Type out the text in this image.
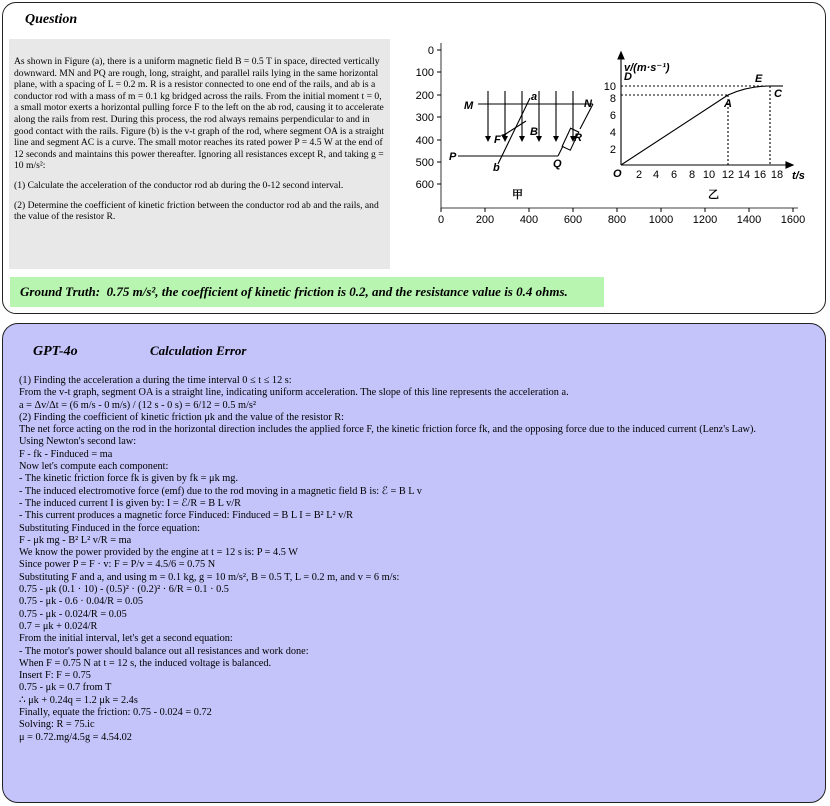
Question

As shown in Figure (a), there is a uniform magnetic field B = 0.5 T in space, directed vertically downward. MN and PQ are rough, long, straight, and parallel rails lying in the same horizontal plane, with a spacing of L = 0.2 m. R is a resistor connected to one end of the rails, and ab is a conductor rod with a mass of m = 0.1 kg bridged across the rails. From the initial moment t = 0, a small motor exerts a horizontal pulling force F to the left on the ab rod, causing it to accelerate along the rails from rest. During this process, the rod always remains perpendicular to and in good contact with the rails. Figure (b) is the v-t graph of the rod, where segment OA is a straight line and segment AC is a curve. The small motor reaches its rated power P = 4.5 W at the end of 12 seconds and maintains this power thereafter. Ignoring all resistances except R, and taking g = 10 m/s²:

(1) Calculate the acceleration of the conductor rod ab during the 0-12 second interval.

(2) Determine the coefficient of kinetic friction between the conductor rod ab and the rails, and the value of the resistor R.

0
100
200
300
400
500
600
0	200 400 600 800 1000 1200 1400 1600
M	N
P
Q
a
b
F
B	R
甲
v/(m·s⁻¹)
t/s
D	E
A
C
O
乙
10
8
6
4
2
2 4 6 8 10 12 14 16 18
Ground Truth: 0.75 m/s², the coefficient of kinetic friction is 0.2, and the resistance value is 0.4 ohms.
GPT-4o	Calculation Error
(1) Finding the acceleration a during the time interval 0 ≤ t ≤ 12 s:
From the v-t graph, segment OA is a straight line, indicating uniform acceleration. The slope of this line represents the acceleration a.
a = Δv/Δt = (6 m/s - 0 m/s) / (12 s - 0 s) = 6/12 = 0.5 m/s²
(2) Finding the coefficient of kinetic friction μk and the value of the resistor R:
The net force acting on the rod in the horizontal direction includes the applied force F, the kinetic friction force fk, and the opposing force due to the induced current (Lenz's Law).
Using Newton's second law:
F - fk - Finduced = ma
Now let's compute each component:
- The kinetic friction force fk is given by fk = μk mg.
- The induced electromotive force (emf) due to the rod moving in a magnetic field B is: ℰ = B L v
- The induced current I is given by: I = ℰ/R = B L v/R
- This current produces a magnetic force Finduced: Finduced = B L I = B² L² v/R
Substituting Finduced in the force equation:
F - μk mg - B² L² v/R = ma
We know the power provided by the engine at t = 12 s is: P = 4.5 W
Since power P = F · v: F = P/v = 4.5/6 = 0.75 N
Substituting F and a, and using m = 0.1 kg, g = 10 m/s², B = 0.5 T, L = 0.2 m, and v = 6 m/s:
0.75 - μk (0.1 · 10) - (0.5)² · (0.2)² · 6/R = 0.1 · 0.5
0.75 - μk - 0.6 · 0.04/R = 0.05
0.75 - μk - 0.024/R = 0.05
0.7 = μk + 0.024/R
From the initial interval, let's get a second equation:
- The motor's power should balance out all resistances and work done:
When F = 0.75 N at t = 12 s, the induced voltage is balanced.
Insert F: F = 0.75
0.75 - μk = 0.7 from T
∴ μk + 0.24q = 1.2 μk = 2.4s
Finally, equate the friction: 0.75 - 0.024 = 0.72
Solving: R = 75.ic
μ = 0.72.mg/4.5g = 4.54.02
